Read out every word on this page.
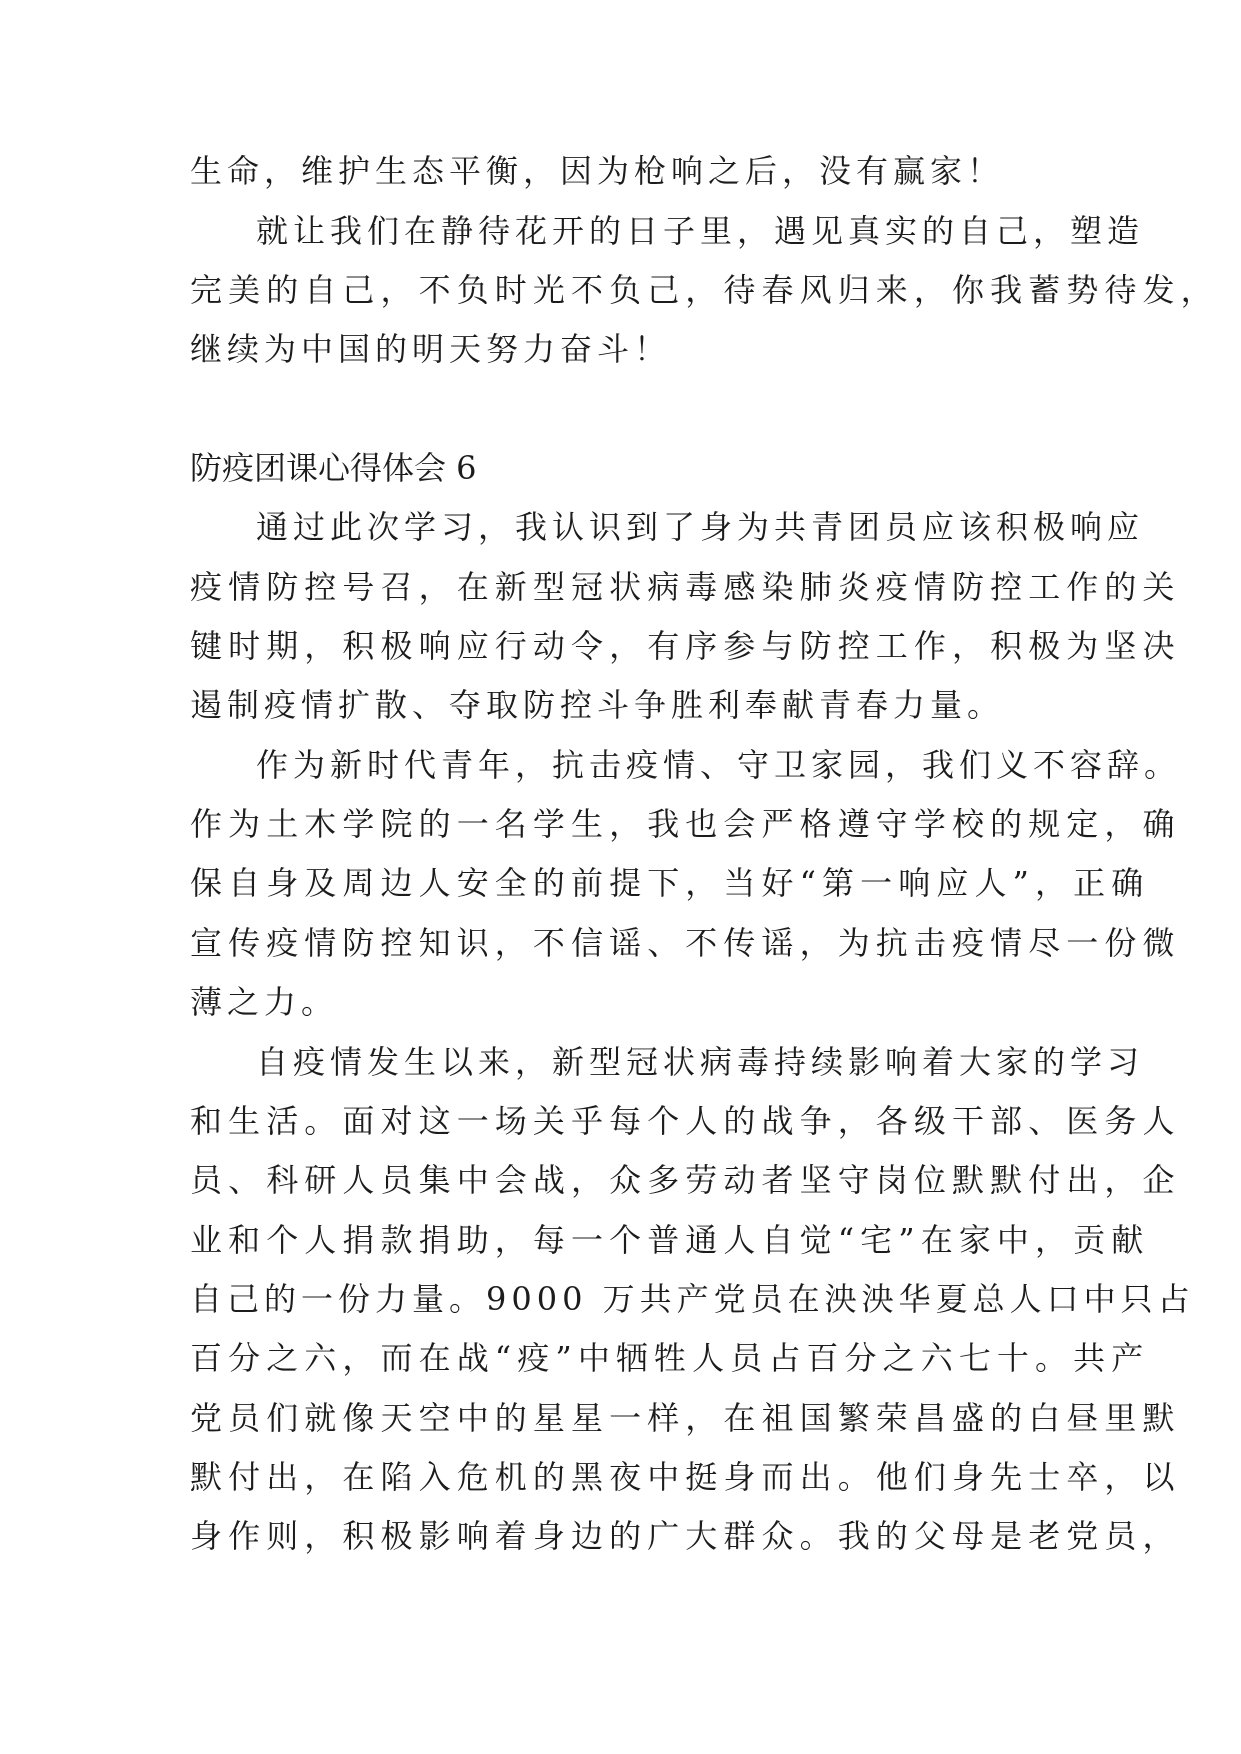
生命，维护生态平衡，因为枪响之后，没有赢家！
就让我们在静待花开的日子里，遇见真实的自己，塑造
完美的自己，不负时光不负己，待春风归来，你我蓄势待发，
继续为中国的明天努力奋斗！
防疫团课心得体会 6
通过此次学习，我认识到了身为共青团员应该积极响应
疫情防控号召，在新型冠状病毒感染肺炎疫情防控工作的关
键时期，积极响应行动令，有序参与防控工作，积极为坚决
遏制疫情扩散、夺取防控斗争胜利奉献青春力量。
作为新时代青年，抗击疫情、守卫家园，我们义不容辞。
作为土木学院的一名学生，我也会严格遵守学校的规定，确
保自身及周边人安全的前提下，当好“第一响应人”，正确
宣传疫情防控知识，不信谣、不传谣，为抗击疫情尽一份微
薄之力。
自疫情发生以来，新型冠状病毒持续影响着大家的学习
和生活。面对这一场关乎每个人的战争，各级干部、医务人
员、科研人员集中会战，众多劳动者坚守岗位默默付出，企
业和个人捐款捐助，每一个普通人自觉“宅”在家中，贡献
自己的一份力量。9000 万共产党员在泱泱华夏总人口中只占
百分之六，而在战“疫”中牺牲人员占百分之六七十。共产
党员们就像天空中的星星一样，在祖国繁荣昌盛的白昼里默
默付出，在陷入危机的黑夜中挺身而出。他们身先士卒，以
身作则，积极影响着身边的广大群众。我的父母是老党员，
